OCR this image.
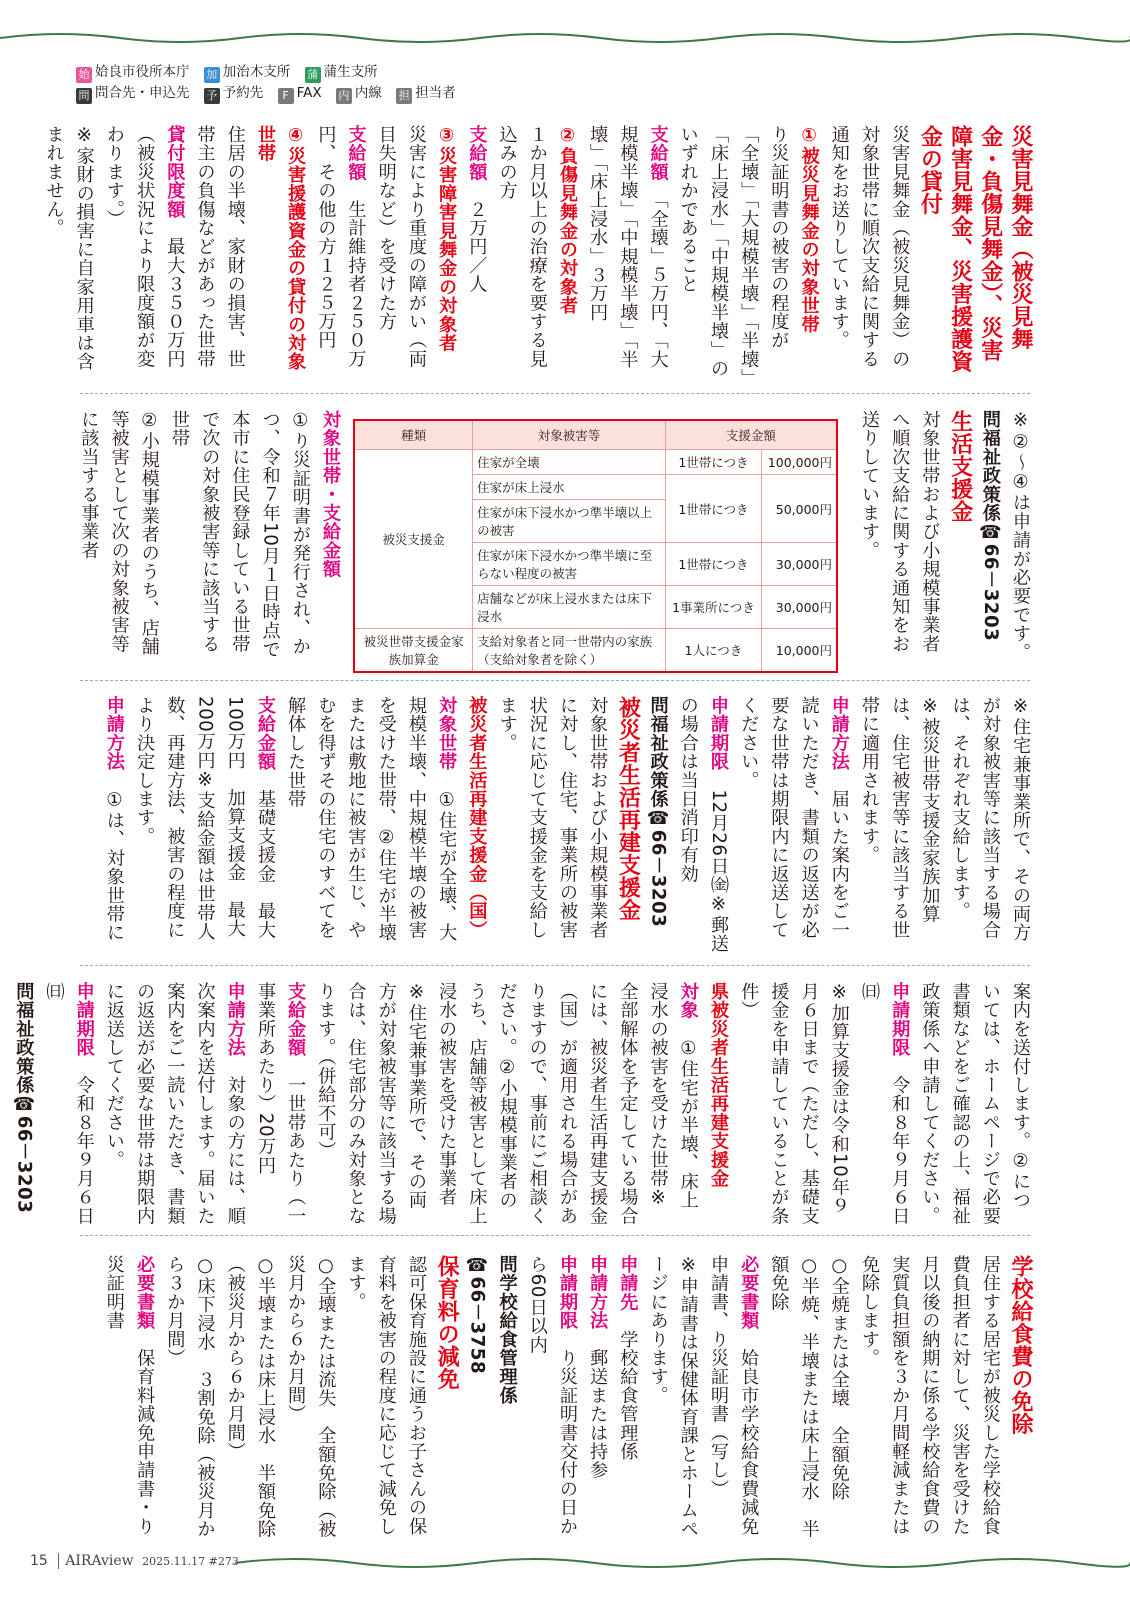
始 姶良市役所本庁 加 加治木支所 蒲 蒲生支所
問 問合先・申込先 予 予約先 F FAX 内 内線 担 担当者

災害見舞金（被災見舞金・負傷見舞金）、災害障害見舞金、災害援護資金の貸付

災害見舞金（被災見舞金）の対象世帯に順次支給に関する通知をお送りしています。

①被災見舞金の対象世帯

り災証明書の被害の程度が「全壊」「大規模半壊」「半壊」「床上浸水」「中規模半壊」のいずれかであること

支給額　「全壊」５万円、「大規模半壊」「中規模半壊」「半壊」「床上浸水」３万円

②負傷見舞金の対象者

１か月以上の治療を要する見込みの方

支給額　２万円／人

③災害障害見舞金の対象者

災害により重度の障がい（両目失明など）を受けた方

支給額　生計維持者２５０万円、その他の方１２５万円

④災害援護資金の貸付の対象世帯

住居の半壊、家財の損害、世帯主の負傷などがあった世帯

貸付限度額　最大３５０万円（被災状況により限度額が変わります。）

※家財の損害に自家用車は含まれません。

※②～④は申請が必要です。

問福祉政策係☎66－3203

生活支援金

対象世帯および小規模事業者へ順次支給に関する通知をお送りしています。

種類	対象被害等	支援金額	
被災支援金	住家が全壊	1世帯につき	100,000円
	住家が床上浸水	1世帯につき	50,000円
	住家が床下浸水かつ準半壊以上の被害		
	住家が床下浸水かつ準半壊に至らない程度の被害	1世帯につき	30,000円
	店舗などが床上浸水または床下浸水	1事業所につき	30,000円
被災世帯支援金家族加算金	支給対象者と同一世帯内の家族（支給対象者を除く）	1人につき	10,000円

対象世帯・支給金額

①り災証明書が発行され、かつ、令和７年10月１日時点で本市に住民登録している世帯で次の対象被害等に該当する世帯

②小規模事業者のうち、店舗等被害として次の対象被害等に該当する事業者

※住宅兼事業所で、その両方が対象被害等に該当する場合は、それぞれ支給します。

※被災世帯支援金家族加算は、住宅被害等に該当する世帯に適用されます。

申請方法　届いた案内をご一読いただき、書類の返送が必要な世帯は期限内に返送してください。

申請期限　12月26日㈮※郵送の場合は当日消印有効

問福祉政策係☎66－3203

被災者生活再建支援金

対象世帯および小規模事業者に対し、住宅、事業所の被害状況に応じて支援金を支給します。

被災者生活再建支援金（国）

対象世帯　①住宅が全壊、大規模半壊、中規模半壊の被害を受けた世帯、②住宅が半壊または敷地に被害が生じ、やむを得ずその住宅のすべてを解体した世帯

支給金額　基礎支援金　最大100万円　加算支援金　最大200万円※支給金額は世帯人数、再建方法、被害の程度により決定します。

申請方法　①は、対象世帯に

案内を送付します。②については、ホームページで必要書類などをご確認の上、福祉政策係へ申請してください。

申請期限　令和８年９月６日㈰

※加算支援金は令和10年９月６日まで（ただし、基礎支援金を申請していることが条件）

県被災者生活再建支援金

対象　①住宅が半壊、床上浸水の被害を受けた世帯※全部解体を予定している場合には、被災者生活再建支援金（国）が適用される場合がありますので、事前にご相談ください。②小規模事業者のうち、店舗等被害として床上浸水の被害を受けた事業者※住宅兼事業所で、その両方が対象被害等に該当する場合は、住宅部分のみ対象となります。（併給不可）

支給金額　一世帯あたり（一事業所あたり）20万円

申請方法　対象の方には、順次案内を送付します。届いた案内をご一読いただき、書類の返送が必要な世帯は期限内に返送してください。

申請期限　令和８年９月６日㈰

問福祉政策係☎66－3203

学校給食費の免除

居住する居宅が被災した学校給食費負担者に対して、災害を受けた月以後の納期に係る学校給食費の実質負担額を３か月間軽減または免除します。

○全焼または全壊　全額免除

○半焼、半壊または床上浸水　半額免除

必要書類　姶良市学校給食費減免申請書、り災証明書（写し）

※申請書は保健体育課とホームページにあります。

申請先　学校給食管理係

申請方法　郵送または持参

申請期限　り災証明書交付の日から60日以内

問学校給食管理係

☎66－3758

保育料の減免

認可保育施設に通うお子さんの保育料を被害の程度に応じて減免します。

○全壊または流失　全額免除（被災月から６か月間）

○半壊または床上浸水　半額免除（被災月から６か月間）

○床下浸水　３割免除（被災月から３か月間）

必要書類　保育料減免申請書・り災証明書

15 AIRAview 2025.11.17 #273
